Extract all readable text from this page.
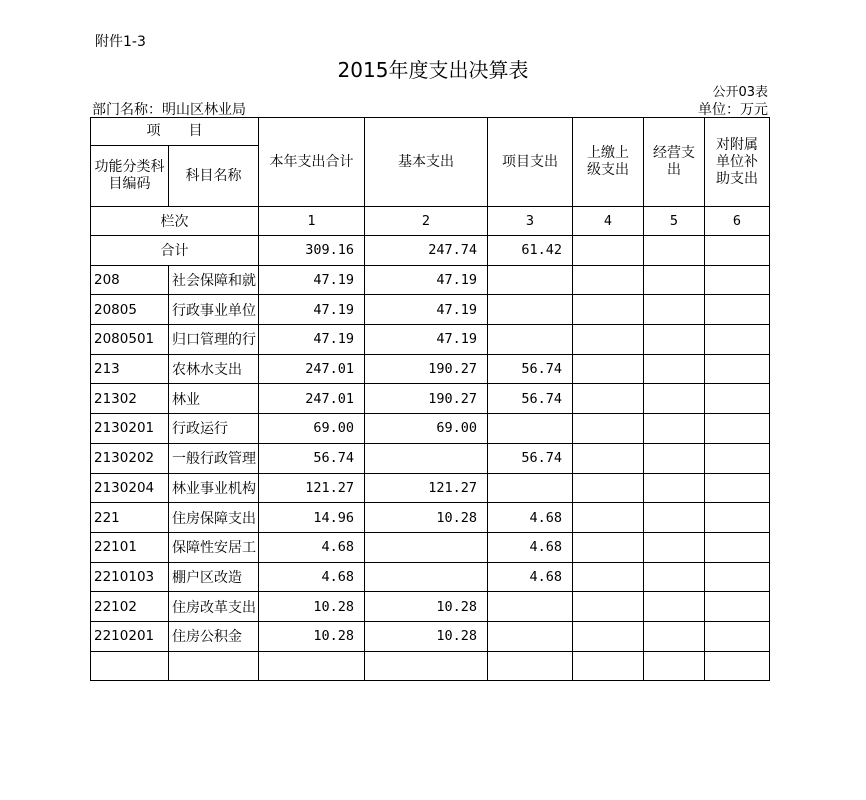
附件1-3
2015年度支出决算表
公开03表
部门名称：明山区林业局	单位：万元
项　　目		本年支出合计	基本支出	项目支出	上缴上级支出	经营支出	对附属单位补助支出
功能分类科目编码	科目名称						
栏次		1	2	3	4	5	6
合计		309.16	247.74	61.42			
208	社会保障和就	47.19	47.19				
20805	行政事业单位	47.19	47.19				
2080501	归口管理的行	47.19	47.19				
213	农林水支出	247.01	190.27	56.74			
21302	林业	247.01	190.27	56.74			
2130201	行政运行	69.00	69.00				
2130202	一般行政管理	56.74		56.74			
2130204	林业事业机构	121.27	121.27				
221	住房保障支出	14.96	10.28	4.68			
22101	保障性安居工	4.68		4.68			
2210103	棚户区改造	4.68		4.68			
22102	住房改革支出	10.28	10.28				
2210201	住房公积金	10.28	10.28				
